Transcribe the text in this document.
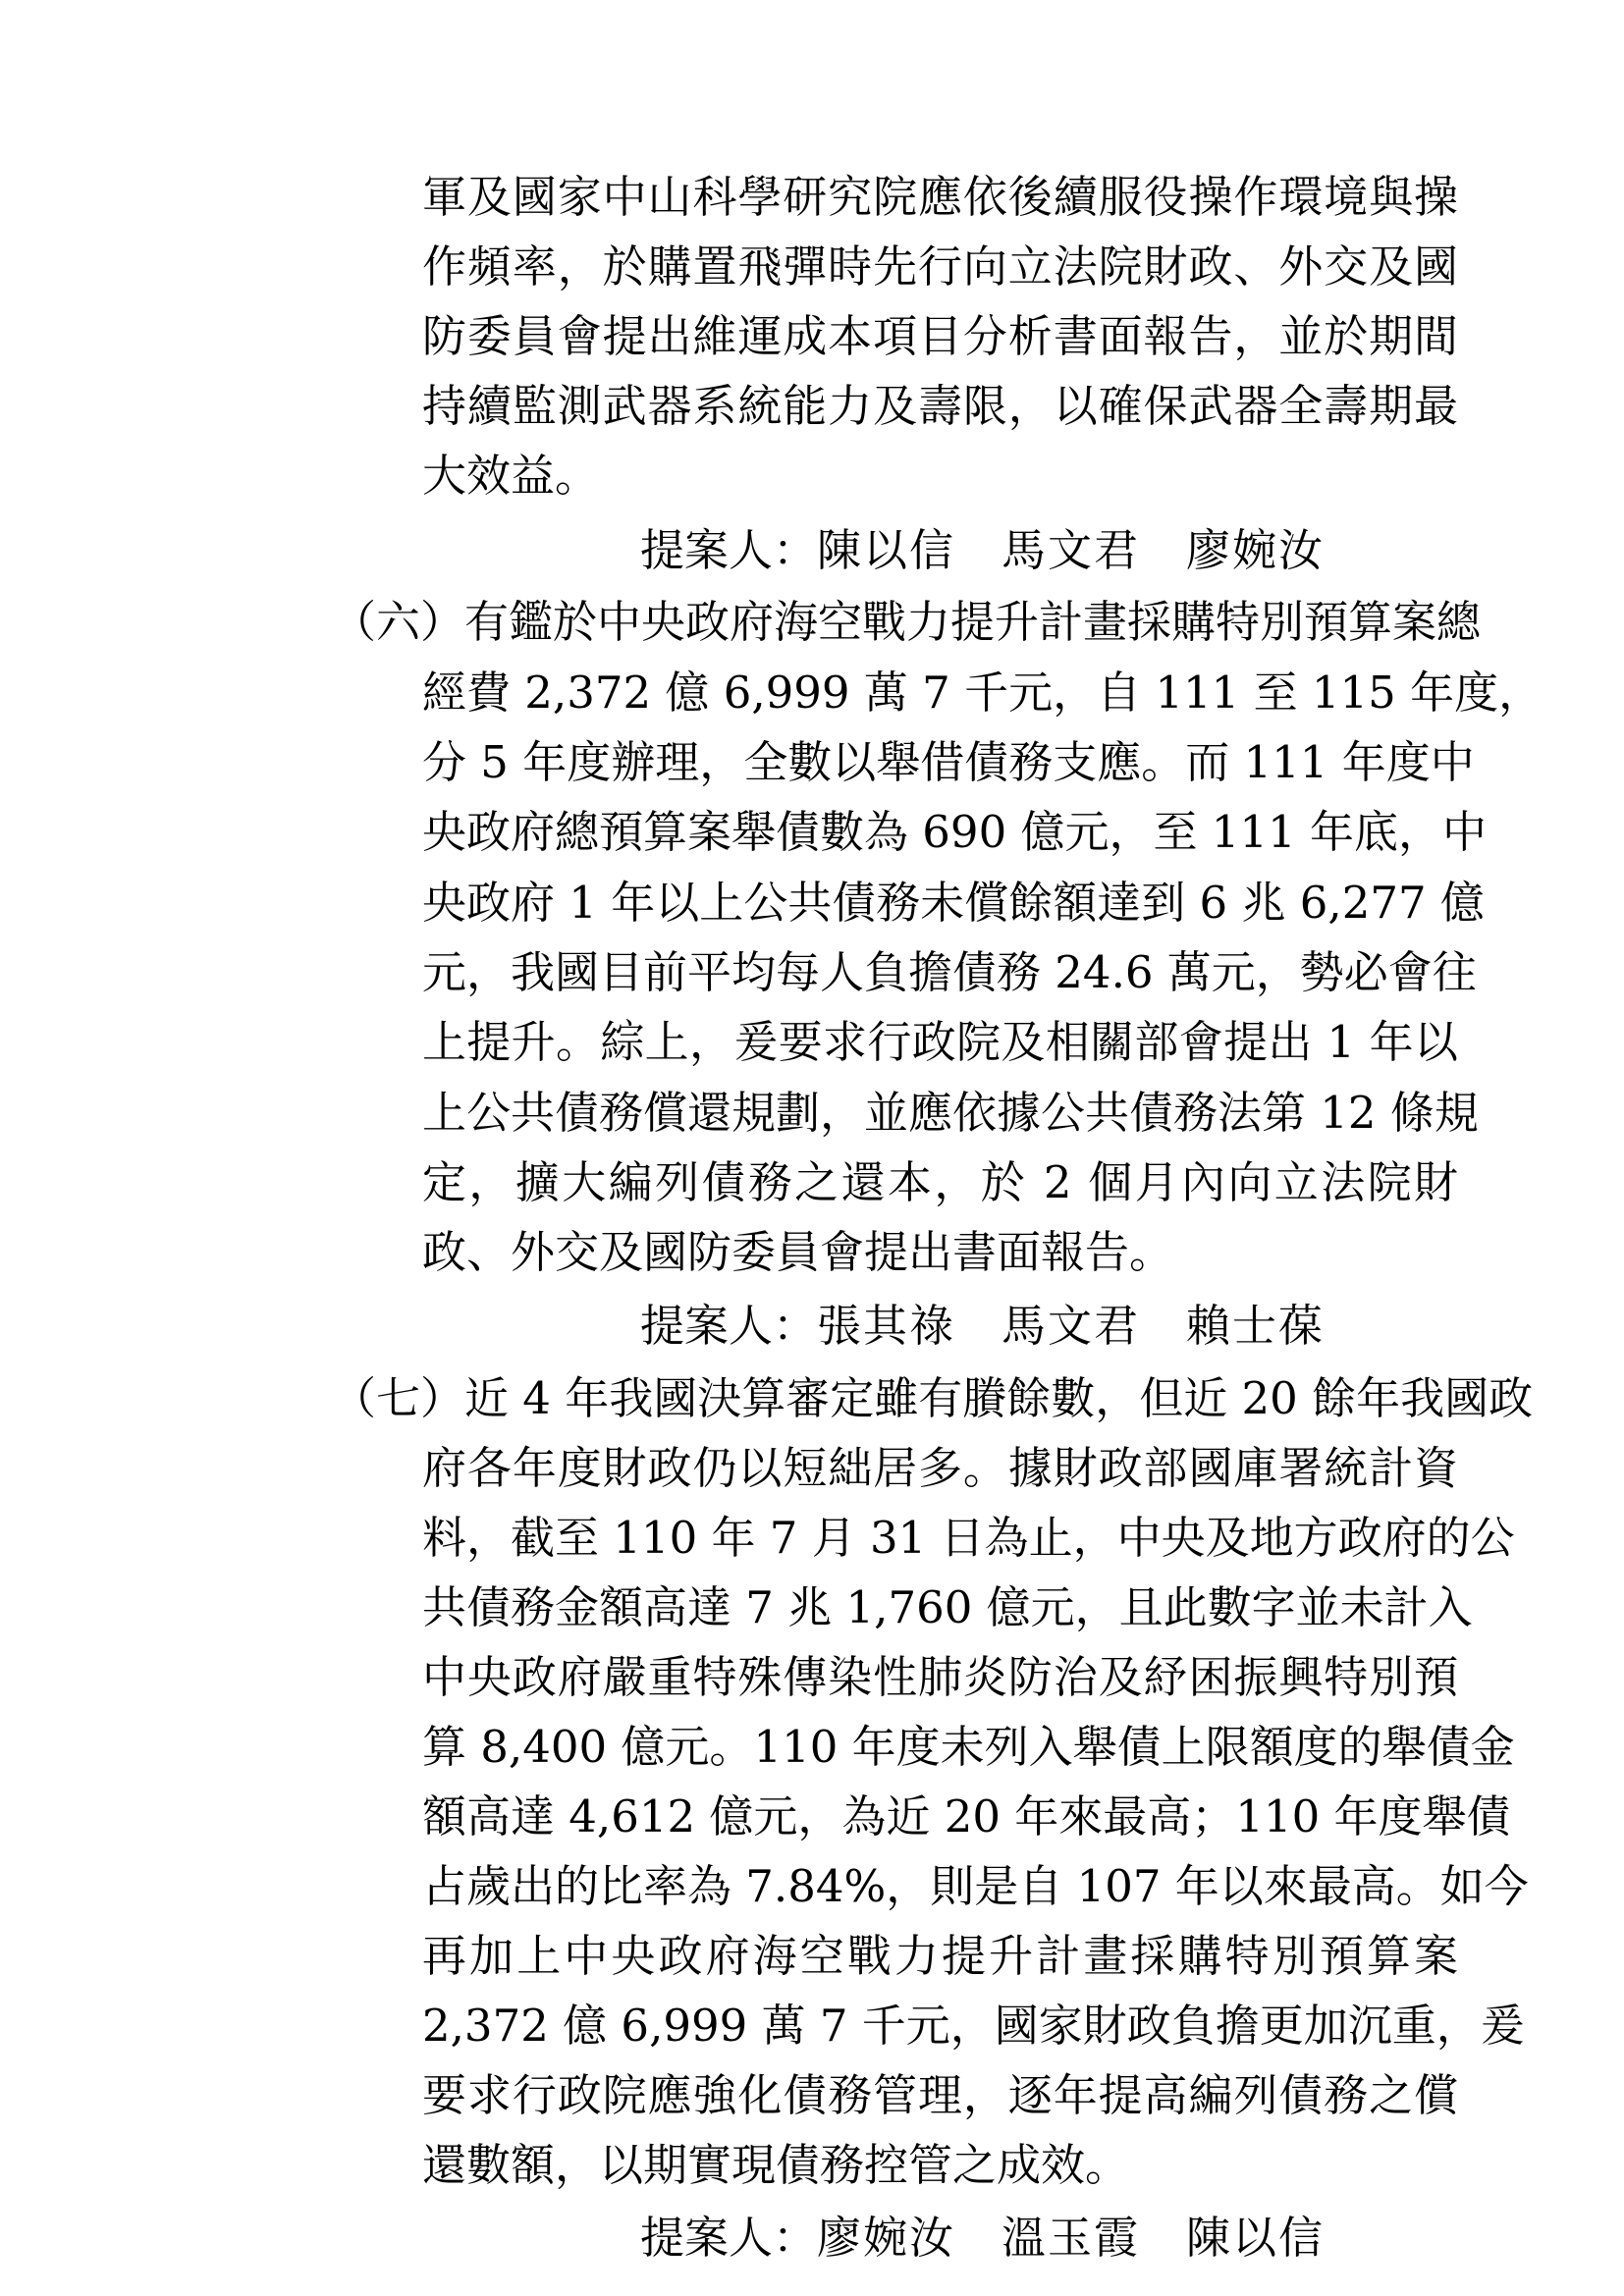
軍及國家中山科學研究院應依後續服役操作環境與操
作頻率，於購置飛彈時先行向立法院財政、外交及國
防委員會提出維運成本項目分析書面報告，並於期間
持續監測武器系統能力及壽限，以確保武器全壽期最
大效益。
提案人：陳以信　馬文君　廖婉汝
（六）有鑑於中央政府海空戰力提升計畫採購特別預算案總
經費 2,372 億 6,999 萬 7 千元，自 111 至 115 年度，
分 5 年度辦理，全數以舉借債務支應。而 111 年度中
央政府總預算案舉債數為 690 億元，至 111 年底，中
央政府 1 年以上公共債務未償餘額達到 6 兆 6,277 億
元，我國目前平均每人負擔債務 24.6 萬元，勢必會往
上提升。綜上，爰要求行政院及相關部會提出 1 年以
上公共債務償還規劃，並應依據公共債務法第 12 條規
定，擴大編列債務之還本，於 2 個月內向立法院財
政、外交及國防委員會提出書面報告。
提案人：張其祿　馬文君　賴士葆
（七）近 4 年我國決算審定雖有賸餘數，但近 20 餘年我國政
府各年度財政仍以短絀居多。據財政部國庫署統計資
料，截至 110 年 7 月 31 日為止，中央及地方政府的公
共債務金額高達 7 兆 1,760 億元，且此數字並未計入
中央政府嚴重特殊傳染性肺炎防治及紓困振興特別預
算 8,400 億元。110 年度未列入舉債上限額度的舉債金
額高達 4,612 億元，為近 20 年來最高；110 年度舉債
占歲出的比率為 7.84%，則是自 107 年以來最高。如今
再加上中央政府海空戰力提升計畫採購特別預算案
2,372 億 6,999 萬 7 千元，國家財政負擔更加沉重，爰
要求行政院應強化債務管理，逐年提高編列債務之償
還數額，以期實現債務控管之成效。
提案人：廖婉汝　溫玉霞　陳以信
